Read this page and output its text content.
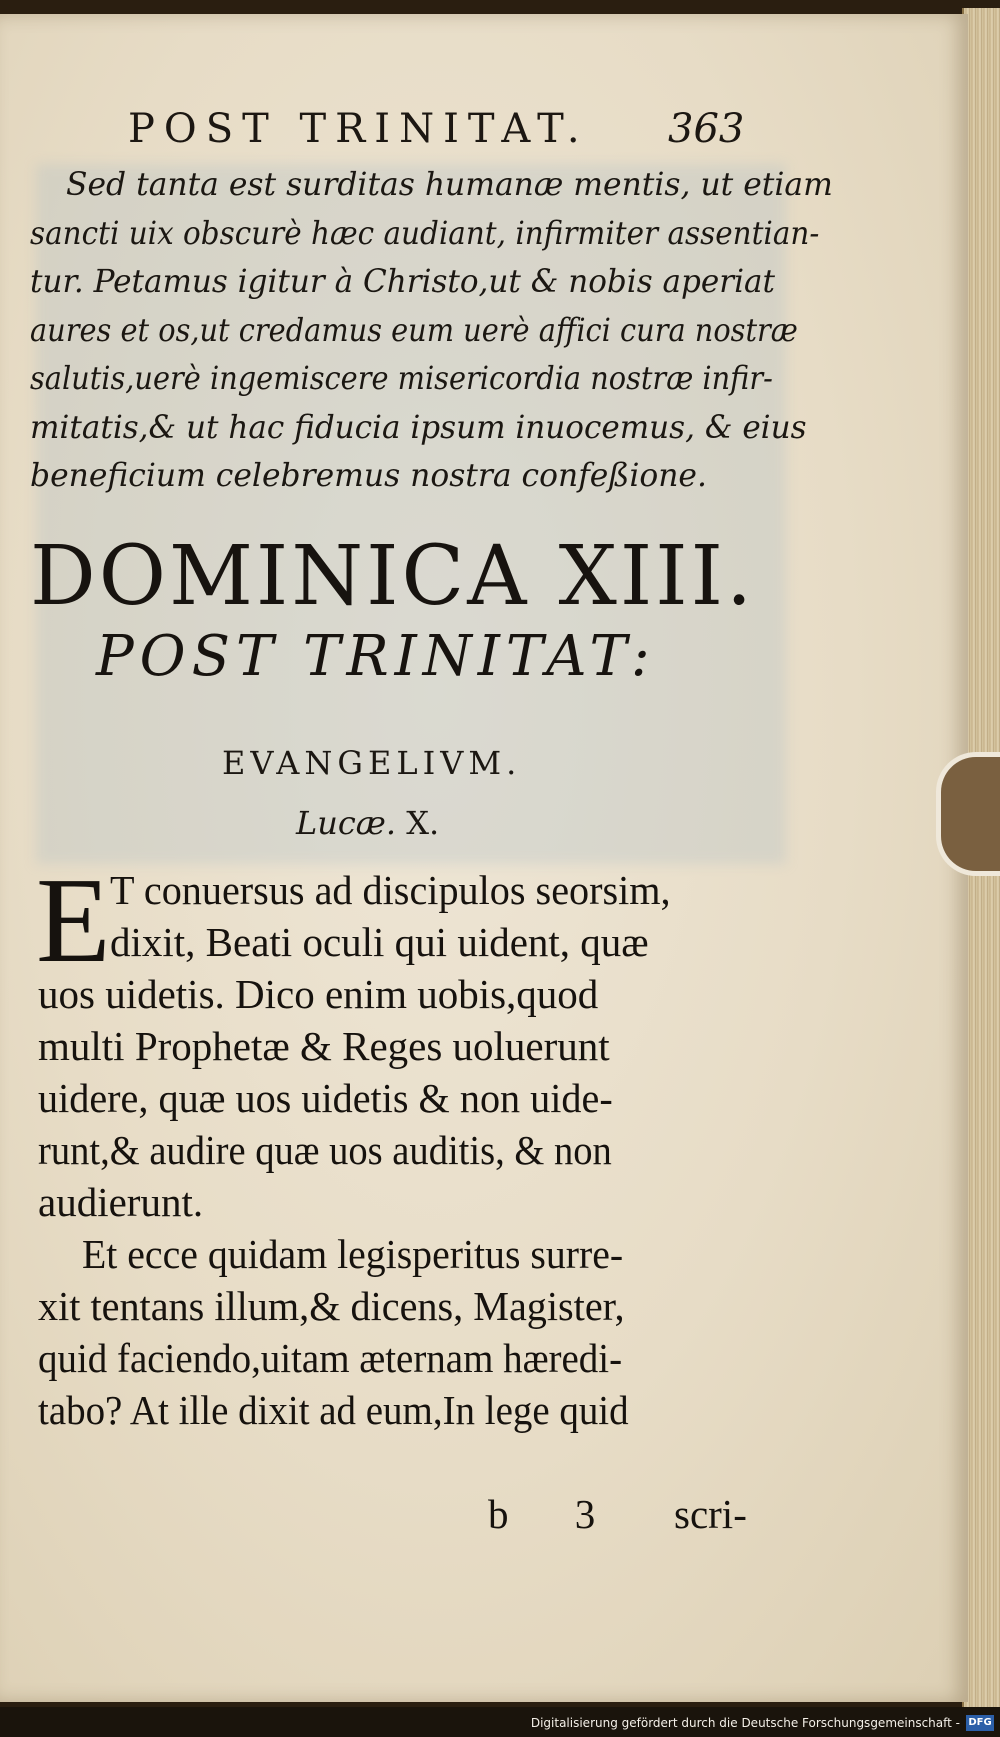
POST TRINITAT. 363
Sed tanta est surditas humanæ mentis, ut etiam
sancti uix obscurè hæc audiant, infirmiter assentian-
tur. Petamus igitur à Christo,ut & nobis aperiat
aures et os,ut credamus eum uerè affici cura nostræ
salutis,uerè ingemiscere misericordia nostræ infir-
mitatis,& ut hac fiducia ipsum inuocemus, & eius
beneficium celebremus nostra confeßione.
DOMINICA XIII.
POST TRINITAT:
EVANGELIVM.
Lucæ. X.
E T conuersus ad discipulos seorsim,
dixit, Beati oculi qui uident, quæ
uos uidetis. Dico enim uobis,quod
multi Prophetæ & Reges uoluerunt
uidere, quæ uos uidetis & non uide-
runt,& audire quæ uos auditis, & non
audierunt.
Et ecce quidam legisperitus surre-
xit tentans illum,& dicens, Magister,
quid faciendo,uitam æternam hæredi-
tabo? At ille dixit ad eum,In lege quid
b 3 scri-
Digitalisierung gefördert durch die Deutsche Forschungsgemeinschaft - DFG
